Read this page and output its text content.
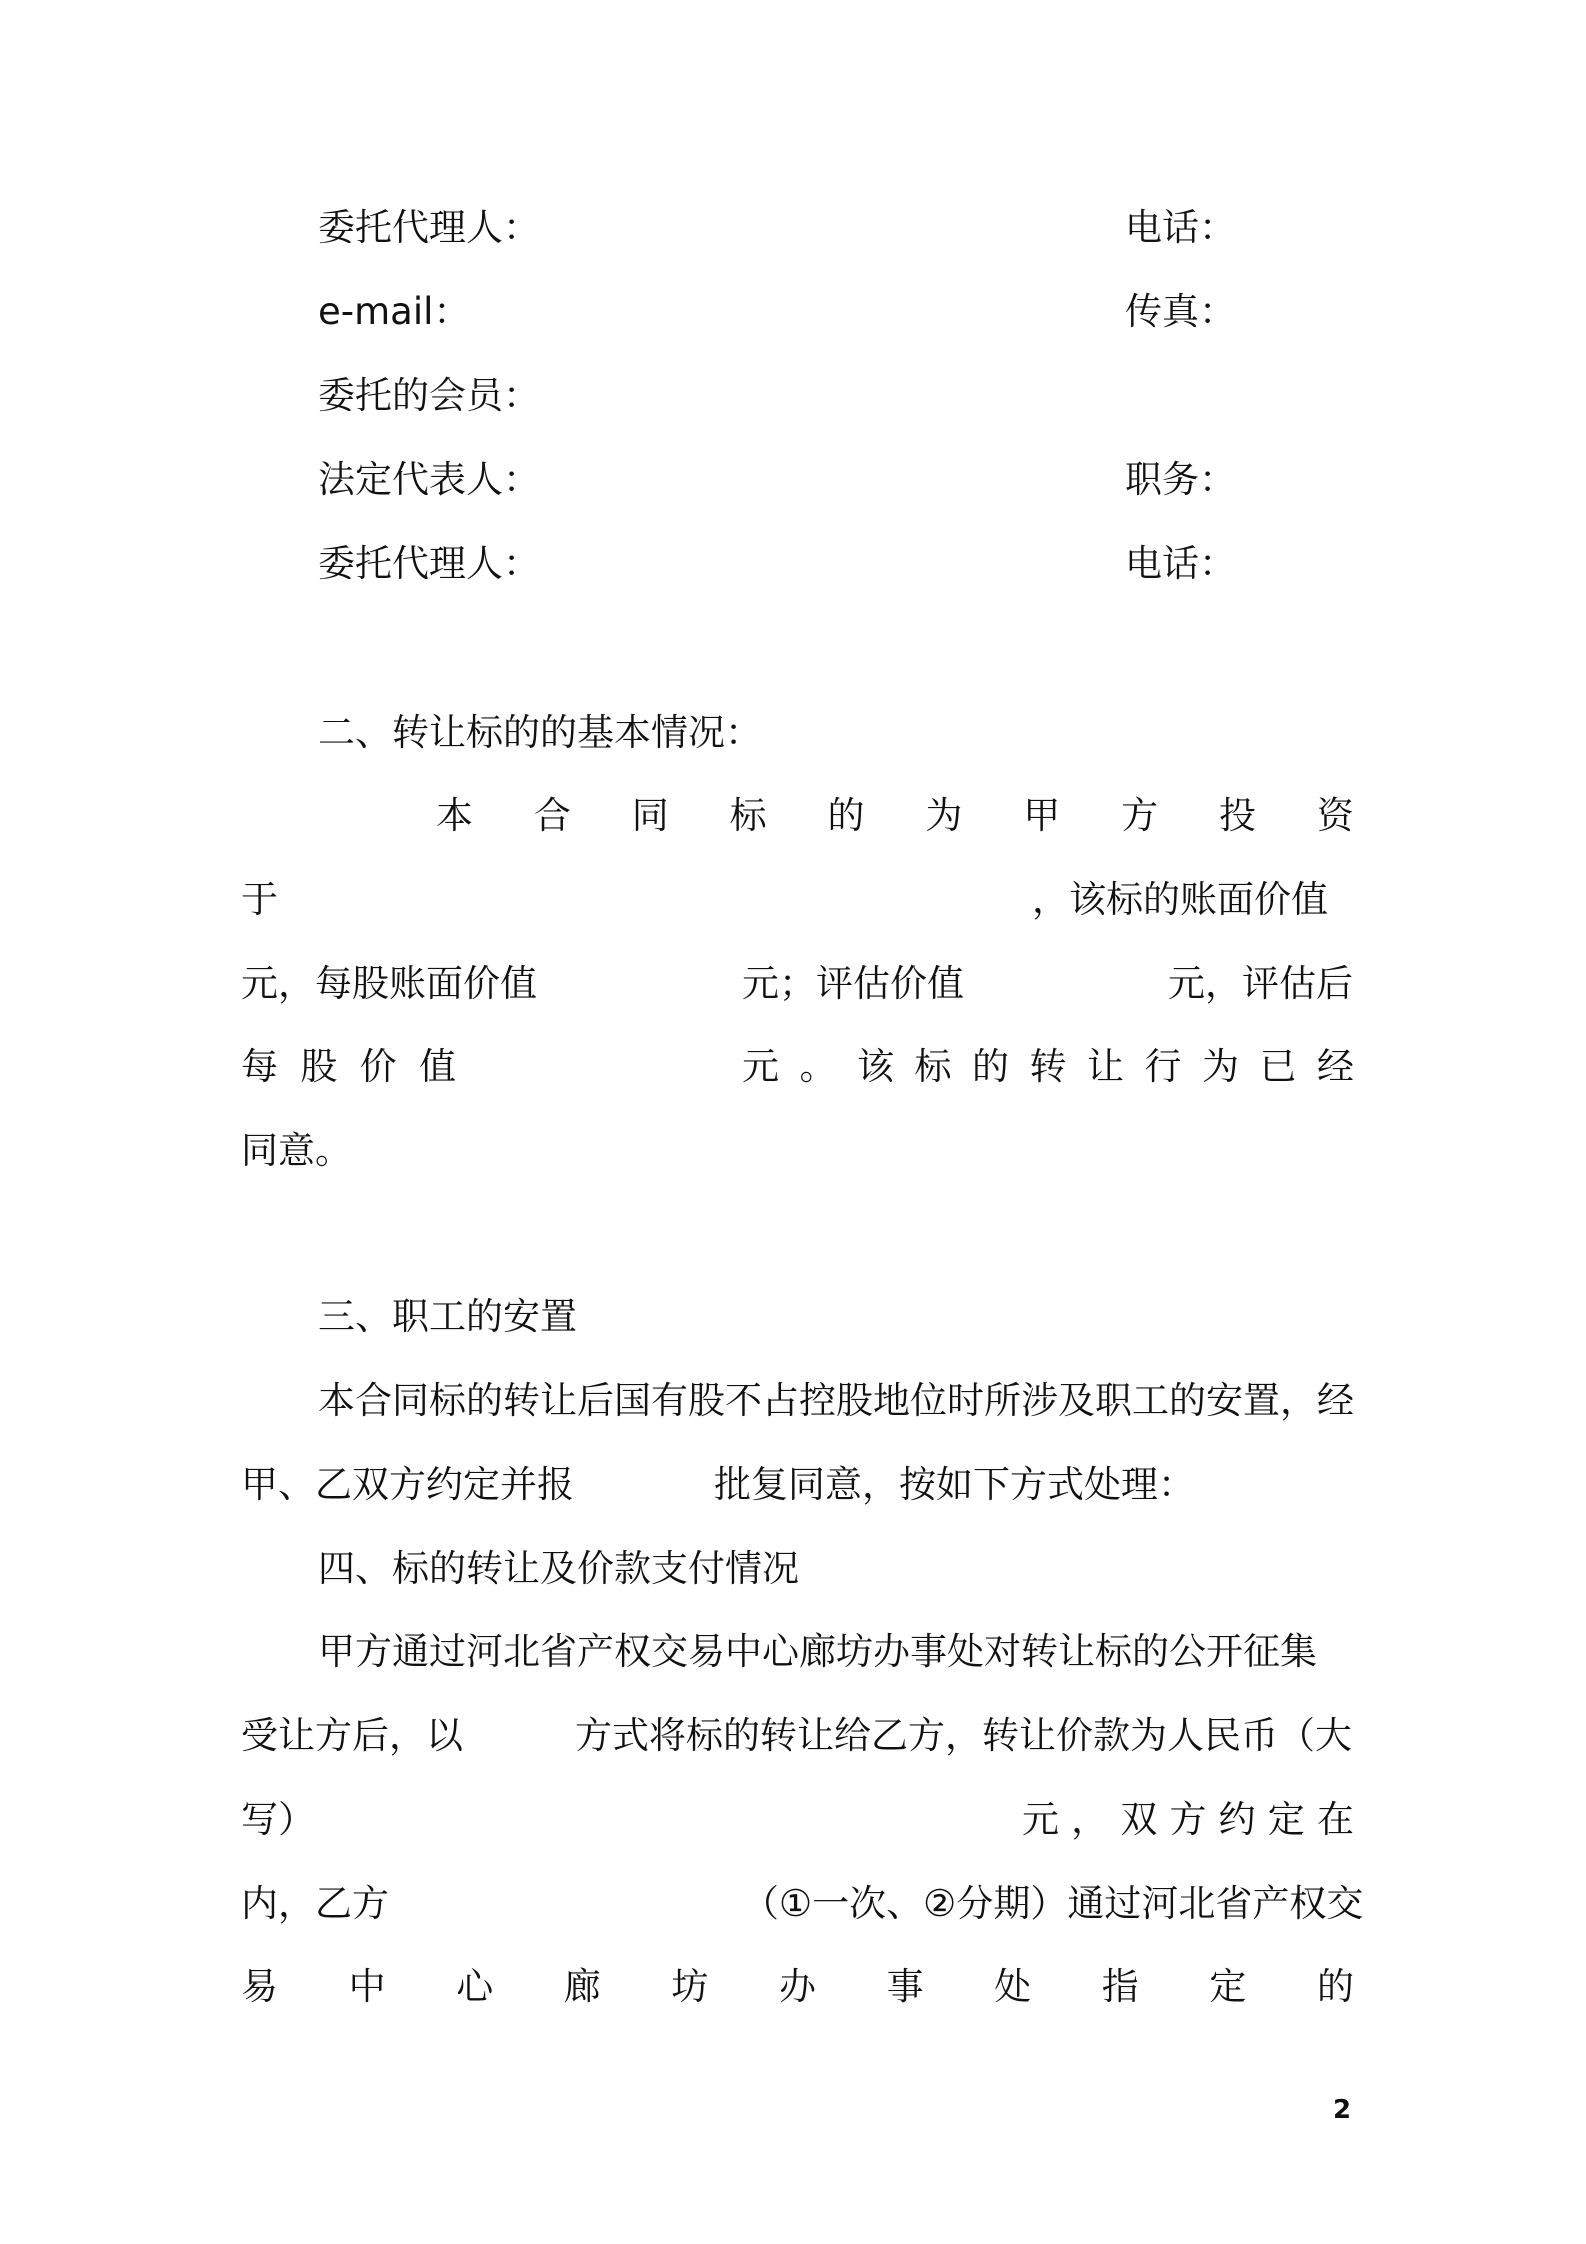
委托代理人：	电话：
e-mail：	传真：
委托的会员：
法定代表人：	职务：
委托代理人：	电话：
二、转让标的的基本情况：
本 合 同 标 的 为 甲 方 投 资
于	，该标的账面价值
元，每股账面价值	元；评估价值	元，评估后
每 股 价 值	元 。 该 标 的 转 让 行 为 已 经
同意。
三、职工的安置
本合同标的转让后国有股不占控股地位时所涉及职工的安置，经
甲、乙双方约定并报	批复同意，按如下方式处理：
四、标的转让及价款支付情况
甲方通过河北省产权交易中心廊坊办事处对转让标的公开征集
受让方后，以	方式将标的转让给乙方，转让价款为人民币（大
写）	元 ， 双 方 约 定 在
内，乙方	（①一次、②分期）通过河北省产权交
易 中 心 廊 坊 办 事 处 指 定 的
2
